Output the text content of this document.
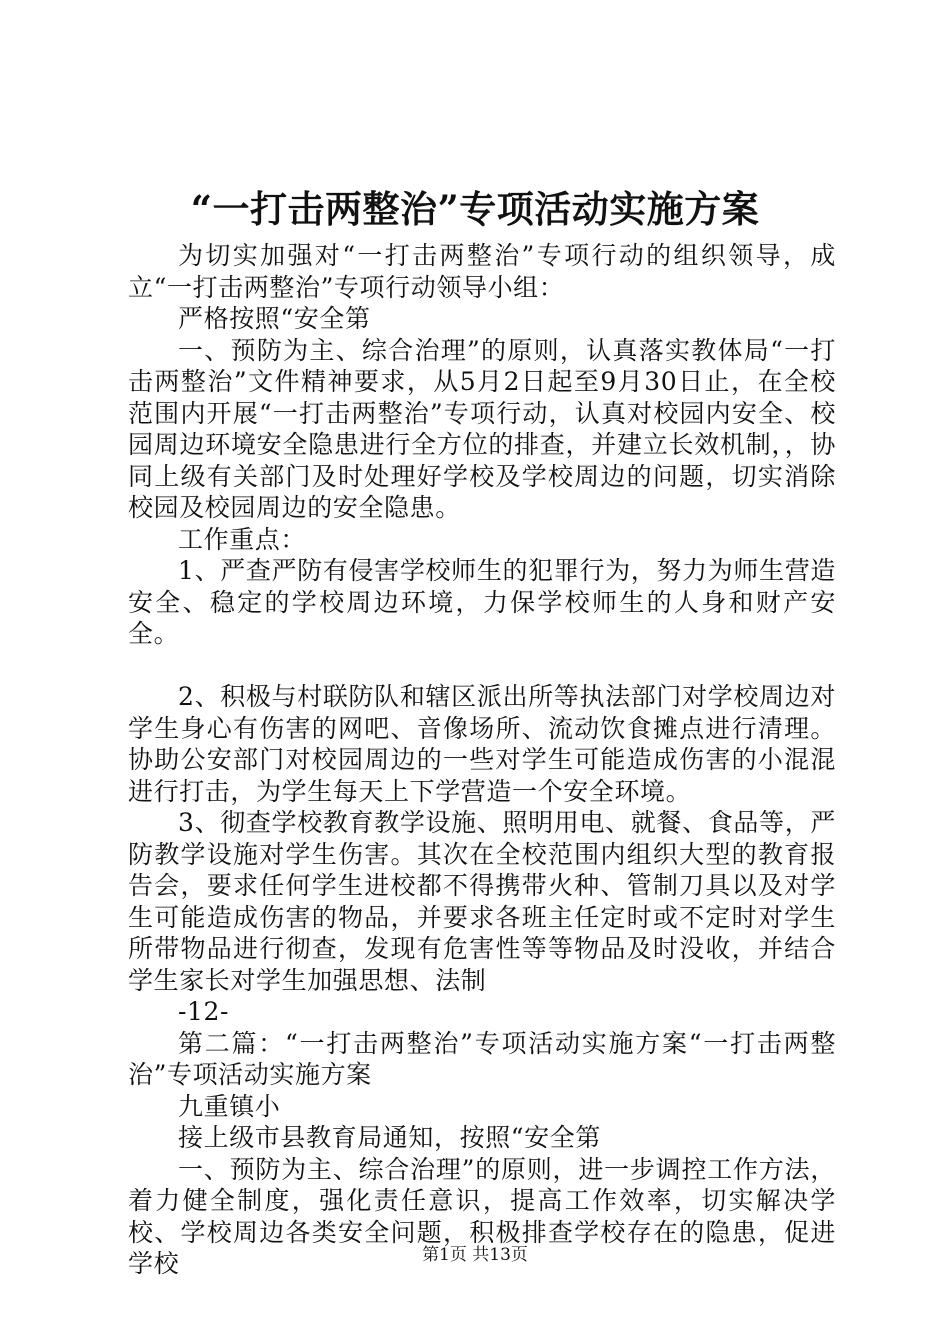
“一打击两整治”专项活动实施方案

为切实加强对“一打击两整治”专项行动的组织领导，成立“一打击两整治”专项行动领导小组：

严格按照“安全第

一、预防为主、综合治理”的原则，认真落实教体局“一打击两整治”文件精神要求，从5月2日起至9月30日止，在全校范围内开展“一打击两整治”专项行动，认真对校园内安全、校园周边环境安全隐患进行全方位的排查，并建立长效机制，，协同上级有关部门及时处理好学校及学校周边的问题，切实消除校园及校园周边的安全隐患。

工作重点：

1、严查严防有侵害学校师生的犯罪行为，努力为师生营造安全、稳定的学校周边环境，力保学校师生的人身和财产安全。

2、积极与村联防队和辖区派出所等执法部门对学校周边对学生身心有伤害的网吧、音像场所、流动饮食摊点进行清理。协助公安部门对校园周边的一些对学生可能造成伤害的小混混进行打击，为学生每天上下学营造一个安全环境。

3、彻查学校教育教学设施、照明用电、就餐、食品等，严防教学设施对学生伤害。其次在全校范围内组织大型的教育报告会，要求任何学生进校都不得携带火种、管制刀具以及对学生可能造成伤害的物品，并要求各班主任定时或不定时对学生所带物品进行彻查，发现有危害性等等物品及时没收，并结合学生家长对学生加强思想、法制

-12-

第二篇：“一打击两整治”专项活动实施方案“一打击两整治”专项活动实施方案

九重镇小

接上级市县教育局通知，按照“安全第

一、预防为主、综合治理”的原则，进一步调控工作方法，着力健全制度，强化责任意识，提高工作效率，切实解决学校、学校周边各类安全问题，积极排查学校存在的隐患，促进学校	第1页 共13页
